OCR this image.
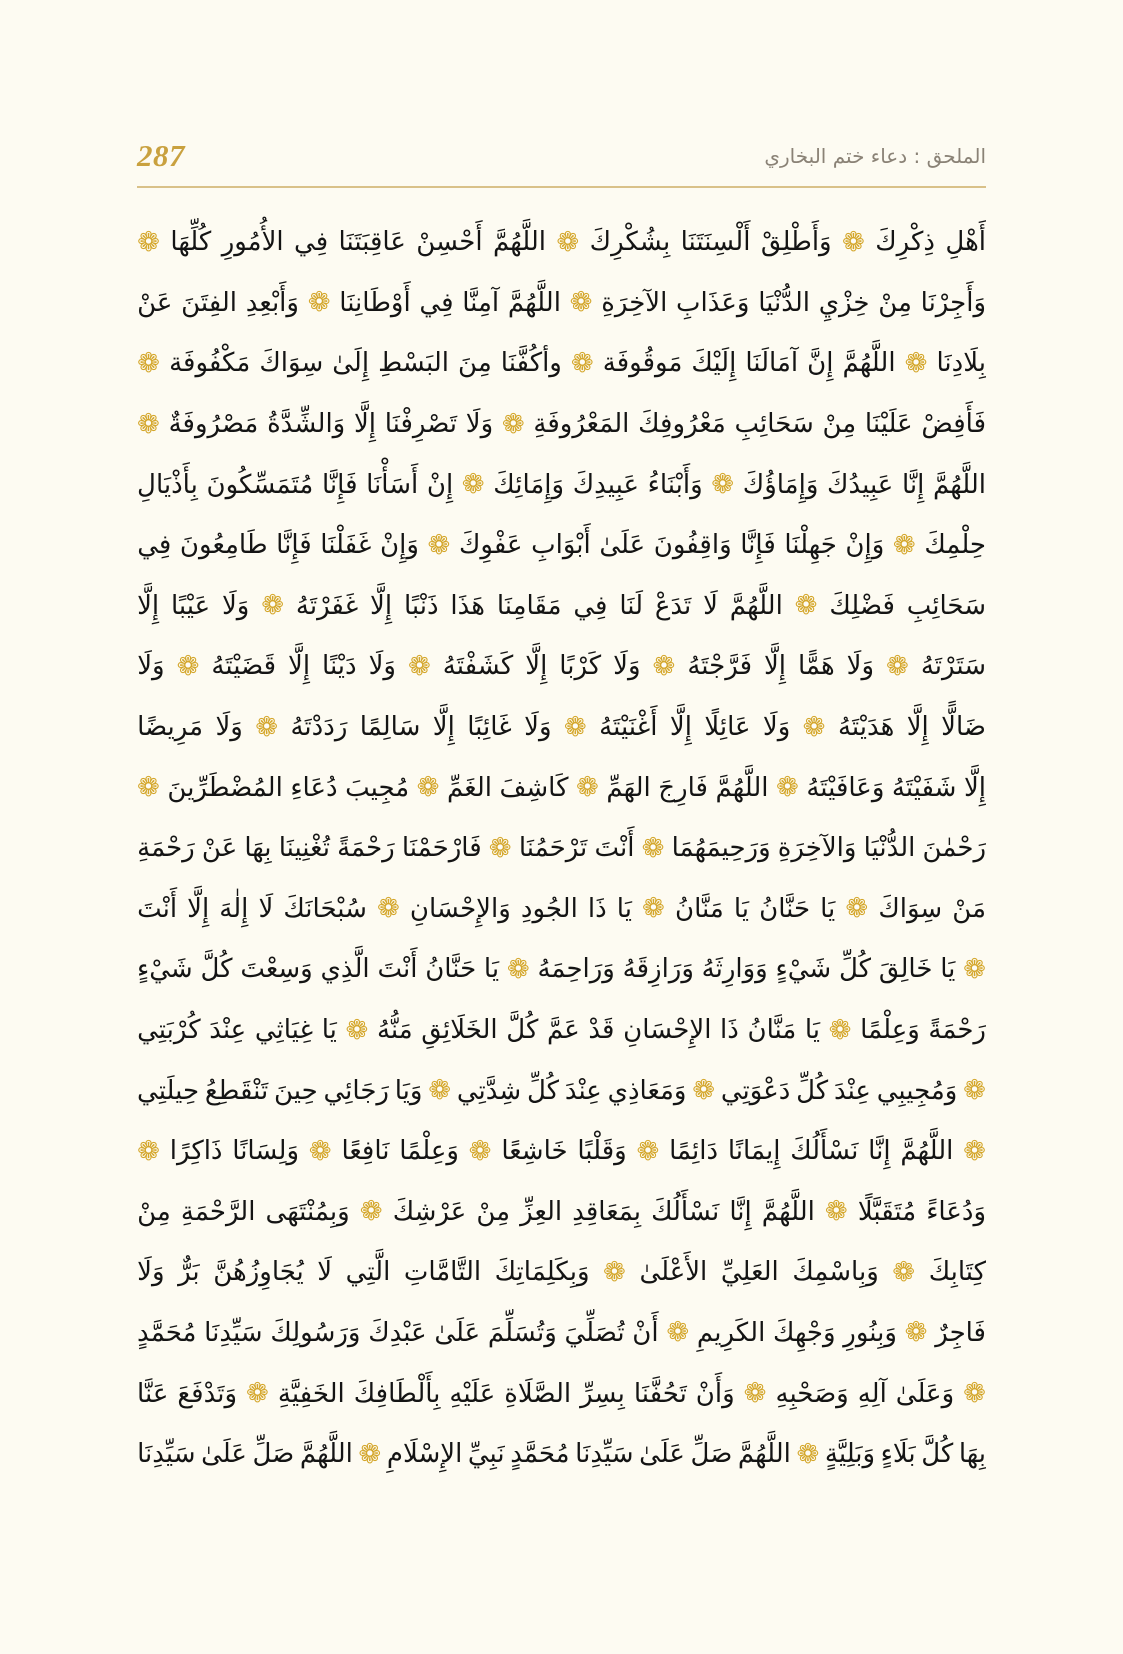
287	الملحق : دعاء ختم البخاري
أَهْلِ
ذِكْرِكَ
❁
وَأَطْلِقْ
أَلْسِنَتَنَا
بِشُكْرِكَ
❁
اللَّهُمَّ
أَحْسِنْ
عَاقِبَتَنَا
فِي
الأُمُورِ
كُلِّهَا
❁
وَأَجِرْنَا
مِنْ
خِزْيِ
الدُّنْيَا
وَعَذَابِ
الآخِرَةِ
❁
اللَّهُمَّ
آمِنَّا
فِي
أَوْطَانِنَا
❁
وَأَبْعِدِ
الفِتَنَ
عَنْ
بِلَادِنَا
❁
اللَّهُمَّ
إِنَّ
آمَالَنَا
إِلَيْكَ
مَوقُوفَة
❁
وأكُفَّنَا
مِنَ
البَسْطِ
إِلَىٰ
سِوَاكَ
مَكْفُوفَة
❁
فَأَفِضْ
عَلَيْنَا
مِنْ
سَحَائِبِ
مَعْرُوفِكَ
المَعْرُوفَةِ
❁
وَلَا
تَصْرِفْنَا
إِلَّا
وَالشِّدَّةُ
مَصْرُوفَةٌ
❁
اللَّهُمَّ
إِنَّا
عَبِيدُكَ
وَإِمَاؤُكَ
❁
وَأَبْنَاءُ
عَبِيدِكَ
وَإِمَائِكَ
❁
إِنْ
أَسَأْنَا
فَإِنَّا
مُتَمَسِّكُونَ
بِأَذْيَالِ
حِلْمِكَ
❁
وَإِنْ
جَهِلْنَا
فَإِنَّا
وَاقِفُونَ
عَلَىٰ
أَبْوَابِ
عَفْوِكَ
❁
وَإِنْ
غَفَلْنَا
فَإِنَّا
طَامِعُونَ
فِي
سَحَائِبِ
فَضْلِكَ
❁
اللَّهُمَّ
لَا
تَدَعْ
لَنَا
فِي
مَقَامِنَا
هَذَا
ذَنْبًا
إِلَّا
غَفَرْتَهُ
❁
وَلَا
عَيْبًا
إِلَّا
سَتَرْتَهُ
❁
وَلَا
هَمًّا
إِلَّا
فَرَّجْتَهُ
❁
وَلَا
كَرْبًا
إِلَّا
كَشَفْتَهُ
❁
وَلَا
دَيْنًا
إِلَّا
قَضَيْتَهُ
❁
وَلَا
ضَالًّا
إِلَّا
هَدَيْتَهُ
❁
وَلَا
عَائِلًا
إِلَّا
أَغْنَيْتَهُ
❁
وَلَا
غَائِبًا
إِلَّا
سَالِمًا
رَدَدْتَهُ
❁
وَلَا
مَرِيضًا
إِلَّا
شَفَيْتَهُ
وَعَافَيْتَهُ
❁
اللَّهُمَّ
فَارِجَ
الهَمِّ
❁
كَاشِفَ
الغَمِّ
❁
مُجِيبَ
دُعَاءِ
المُضْطَرِّينَ
❁
رَحْمٰنَ
الدُّنْيَا
وَالآخِرَةِ
وَرَحِيمَهُمَا
❁
أَنْتَ
تَرْحَمُنَا
❁
فَارْحَمْنَا
رَحْمَةً
تُغْنِينَا
بِهَا
عَنْ
رَحْمَةِ
مَنْ
سِوَاكَ
❁
يَا
حَنَّانُ
يَا
مَنَّانُ
❁
يَا
ذَا
الجُودِ
وَالإِحْسَانِ
❁
سُبْحَانَكَ
لَا
إِلٰهَ
إِلَّا
أَنْتَ
❁
يَا
خَالِقَ
كُلِّ
شَيْءٍ
وَوَارِثَهُ
وَرَازِقَهُ
وَرَاحِمَهُ
❁
يَا
حَنَّانُ
أَنْتَ
الَّذِي
وَسِعْتَ
كُلَّ
شَيْءٍ
رَحْمَةً
وَعِلْمًا
❁
يَا
مَنَّانُ
ذَا
الإِحْسَانِ
قَدْ
عَمَّ
كُلَّ
الخَلَائِقِ
مَنُّهُ
❁
يَا
غِيَاثِي
عِنْدَ
كُرْبَتِي
❁
وَمُجِيبِي
عِنْدَ
كُلِّ
دَعْوَتِي
❁
وَمَعَاذِي
عِنْدَ
كُلِّ
شِدَّتِي
❁
وَيَا
رَجَائِي
حِينَ
تَنْقَطِعُ
حِيلَتِي
❁
اللَّهُمَّ
إِنَّا
نَسْأَلُكَ
إِيمَانًا
دَائِمًا
❁
وَقَلْبًا
خَاشِعًا
❁
وَعِلْمًا
نَافِعًا
❁
وَلِسَانًا
ذَاكِرًا
❁
وَدُعَاءً
مُتَقَبَّلًا
❁
اللَّهُمَّ
إِنَّا
نَسْأَلُكَ
بِمَعَاقِدِ
العِزِّ
مِنْ
عَرْشِكَ
❁
وَبِمُنْتَهَى
الرَّحْمَةِ
مِنْ
كِتَابِكَ
❁
وَبِاسْمِكَ
العَلِيِّ
الأَعْلَىٰ
❁
وَبِكَلِمَاتِكَ
التَّامَّاتِ
الَّتِي
لَا
يُجَاوِزُهُنَّ
بَرٌّ
وَلَا
فَاجِرٌ
❁
وَبِنُورِ
وَجْهِكَ
الكَرِيمِ
❁
أَنْ
تُصَلِّيَ
وَتُسَلِّمَ
عَلَىٰ
عَبْدِكَ
وَرَسُولِكَ
سَيِّدِنَا
مُحَمَّدٍ
❁
وَعَلَىٰ
آلِهِ
وَصَحْبِهِ
❁
وَأَنْ
تَحُفَّنَا
بِسِرِّ
الصَّلَاةِ
عَلَيْهِ
بِأَلْطَافِكَ
الخَفِيَّةِ
❁
وَتَدْفَعَ
عَنَّا
بِهَا
كُلَّ
بَلَاءٍ
وَبَلِيَّةٍ
❁
اللَّهُمَّ
صَلِّ
عَلَىٰ
سَيِّدِنَا
مُحَمَّدٍ
نَبِيِّ
الإِسْلَامِ
❁
اللَّهُمَّ
صَلِّ
عَلَىٰ
سَيِّدِنَا
